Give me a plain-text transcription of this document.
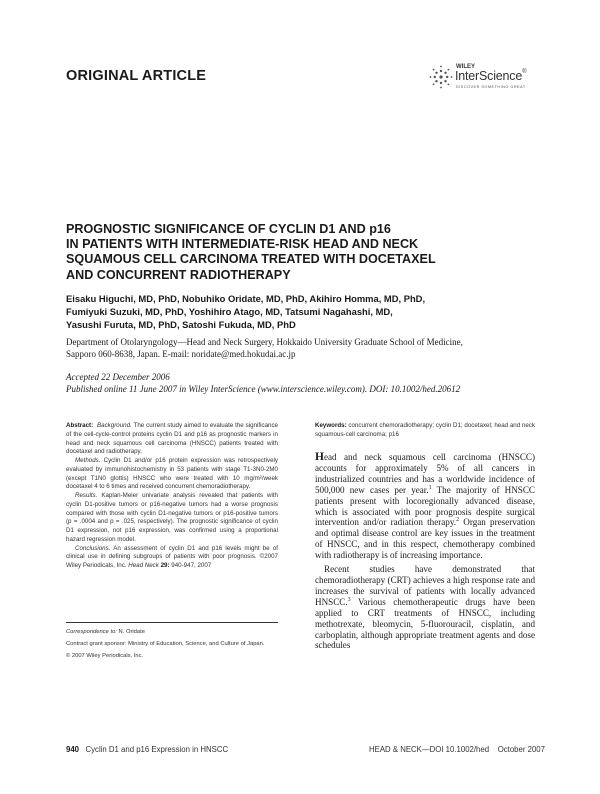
ORIGINAL ARTICLE
WILEY
InterScience®
DISCOVER SOMETHING GREAT
PROGNOSTIC SIGNIFICANCE OF CYCLIN D1 AND p16
IN PATIENTS WITH INTERMEDIATE-RISK HEAD AND NECK
SQUAMOUS CELL CARCINOMA TREATED WITH DOCETAXEL
AND CONCURRENT RADIOTHERAPY
Eisaku Higuchi, MD, PhD, Nobuhiko Oridate, MD, PhD, Akihiro Homma, MD, PhD,
Fumiyuki Suzuki, MD, PhD, Yoshihiro Atago, MD, Tatsumi Nagahashi, MD,
Yasushi Furuta, MD, PhD, Satoshi Fukuda, MD, PhD
Department of Otolaryngology—Head and Neck Surgery, Hokkaido University Graduate School of Medicine,
Sapporo 060-8638, Japan. E-mail: noridate@med.hokudai.ac.jp
Accepted 22 December 2006
Published online 11 June 2007 in Wiley InterScience (www.interscience.wiley.com). DOI: 10.1002/hed.20612

Abstract: Background. The current study aimed to evaluate the significance of the cell-cycle-control proteins cyclin D1 and p16 as prognostic markers in head and neck squamous cell carcinoma (HNSCC) patients treated with docetaxel and radiotherapy.

Methods. Cyclin D1 and/or p16 protein expression was retrospectively evaluated by immunohistochemistry in 53 patients with stage T1-3N0-2M0 (except T1N0 glottis) HNSCC who were treated with 10 mg/m²/week docetaxel 4 to 6 times and received concurrent chemoradiotherapy.

Results. Kaplan-Meier univariate analysis revealed that patients with cyclin D1-positive tumors or p16-negative tumors had a worse prognosis compared with those with cyclin D1-negative tumors or p16-positive tumors (p = .0004 and p = .025, respectively). The prognostic significance of cyclin D1 expression, not p16 expression, was confirmed using a proportional hazard regression model.

Conclusions. An assessment of cyclin D1 and p16 levels might be of clinical use in defining subgroups of patients with poor prognosis. ©2007 Wiley Periodicals, Inc. Head Neck 29: 940-947, 2007

Correspondence to: N. Oridate

Contract grant sponsor: Ministry of Education, Science, and Culture of Japan.

© 2007 Wiley Periodicals, Inc.

Keywords: concurrent chemoradiotherapy; cyclin D1; docetaxel; head and neck squamous-cell carcinoma; p16

Head and neck squamous cell carcinoma (HNSCC) accounts for approximately 5% of all cancers in industrialized countries and has a worldwide incidence of 500,000 new cases per year.$^1$ The majority of HNSCC patients present with locoregionally advanced disease, which is associated with poor prognosis despite surgical intervention and/or radiation therapy.$^2$ Organ preservation and optimal disease control are key issues in the treatment of HNSCC, and in this respect, chemotherapy combined with radiotherapy is of increasing importance.

Recent studies have demonstrated that chemoradiotherapy (CRT) achieves a high response rate and increases the survival of patients with locally advanced HNSCC.$^3$ Various chemotherapeutic drugs have been applied to CRT treatments of HNSCC, including methotrexate, bleomycin, 5-fluorouracil, cisplatin, and carboplatin, although appropriate treatment agents and dose schedules

940 Cyclin D1 and p16 Expression in HNSCC	HEAD & NECK—DOI 10.1002/hed October 2007
